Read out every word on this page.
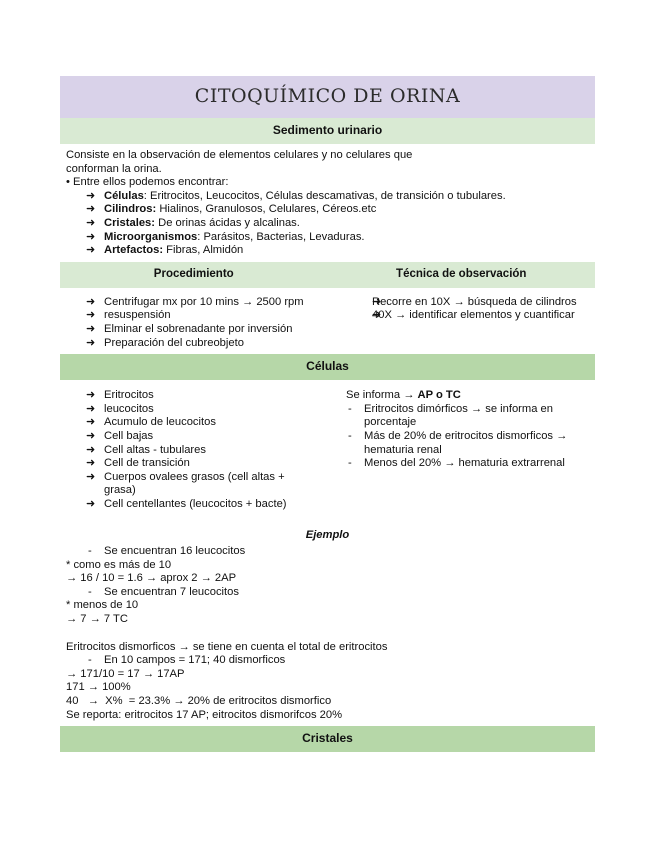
CITOQUÍMICO DE ORINA
Sedimento urinario
Consiste en la observación de elementos celulares y no celulares que
conforman la orina.
• Entre ellos podemos encontrar:
➜ Células: Eritrocitos, Leucocitos, Células descamativas, de transición o tubulares.
➜ Cilindros: Hialinos, Granulosos, Celulares, Céreos.etc
➜ Cristales: De orinas ácidas y alcalinas.
➜ Microorganismos: Parásitos, Bacterias, Levaduras.
➜ Artefactos: Fibras, Almidón
Procedimiento	Técnica de observación
➜ Centrifugar mx por 10 mins → 2500 rpm
➜ resuspensión
➜ Elminar el sobrenadante por inversión
➜ Preparación del cubreobjeto
➜ Recorre en 10X → búsqueda de cilindros
➜ 40X → identificar elementos y cuantificar
Células
➜ Eritrocitos
➜ leucocitos
➜ Acumulo de leucocitos
➜ Cell bajas
➜ Cell altas - tubulares
➜ Cell de transición
➜ Cuerpos ovalees grasos (cell altas + grasa)
➜ Cell centellantes (leucocitos + bacte)
Se informa → AP o TC
- Eritrocitos dimórficos → se informa en porcentaje
- Más de 20% de eritrocitos dismorficos → hematuria renal
- Menos del 20% → hematuria extrarrenal
Ejemplo
- Se encuentran 16 leucocitos
* como es más de 10
→ 16 / 10 = 1.6 → aprox 2 → 2AP
- Se encuentran 7 leucocitos
* menos de 10
→ 7 → 7 TC
Eritrocitos dismorficos → se tiene en cuenta el total de eritrocitos
- En 10 campos = 171; 40 dismorficos
→ 171/10 = 17 → 17AP
171 → 100%
40   →  X%  = 23.3% → 20% de eritrocitos dismorfico
Se reporta: eritrocitos 17 AP; eitrocitos dismorifcos 20%
Cristales
